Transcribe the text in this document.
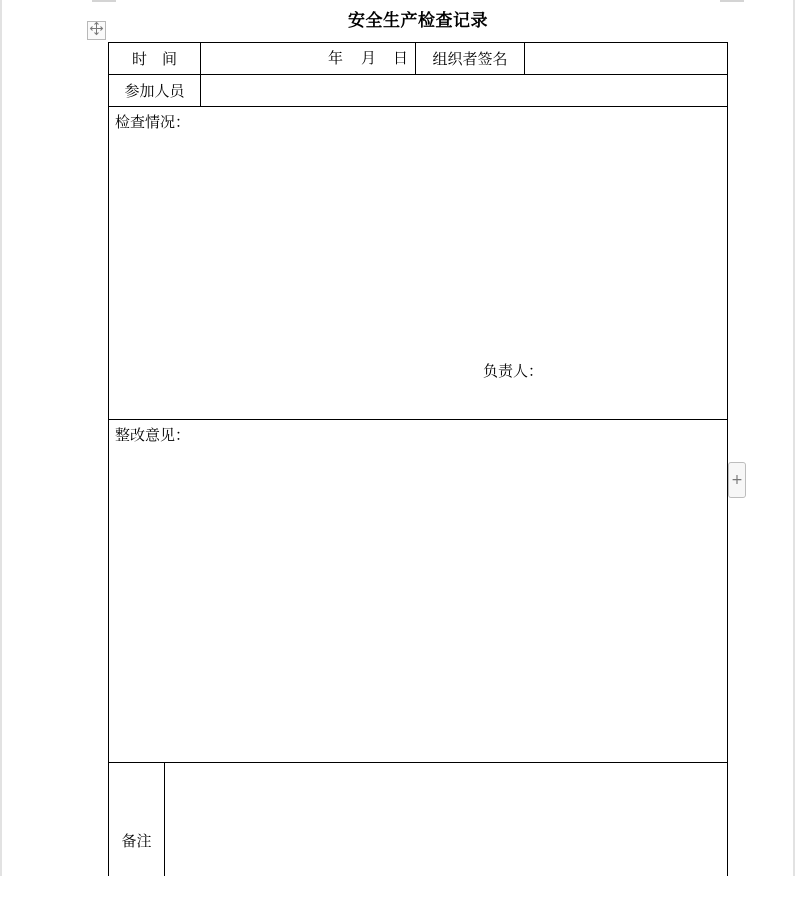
安全生产检查记录
时　间	年 月 日 组织者签名
参加人员
检查情况：
负责人：
整改意见：
备注
+
